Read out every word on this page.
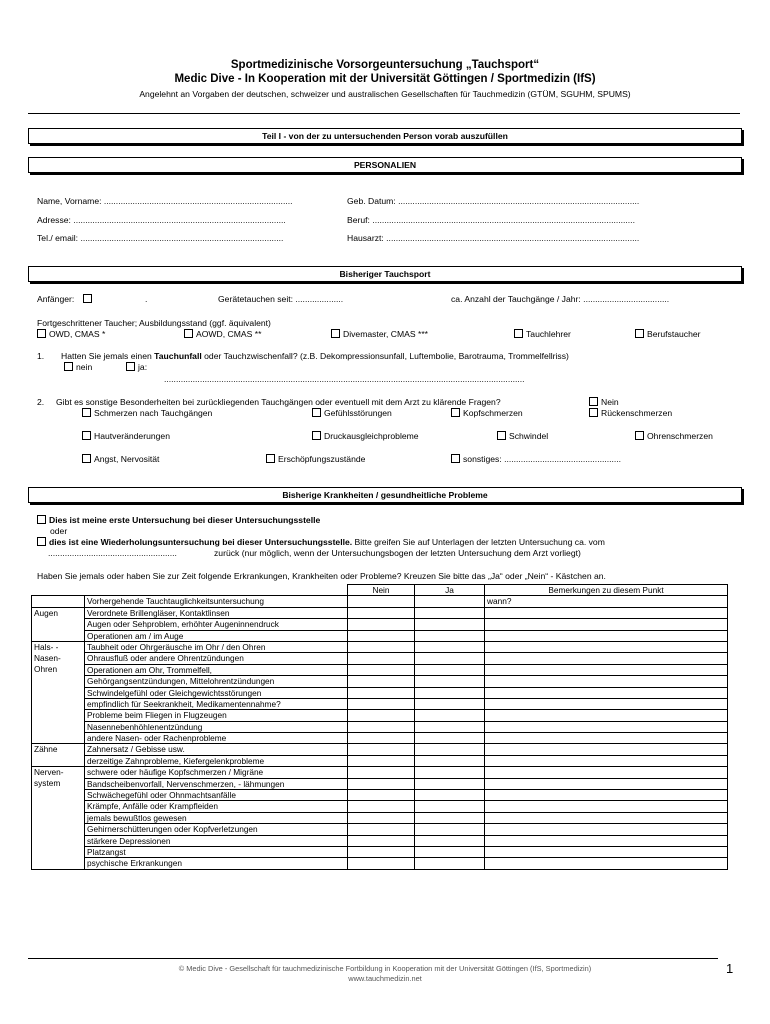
Sportmedizinische Vorsorgeuntersuchung „Tauchsport“
Medic Dive - In Kooperation mit der Universität Göttingen / Sportmedizin (IfS)
Angelehnt an Vorgaben der deutschen, schweizer und australischen Gesellschaften für Tauchmedizin (GTÜM, SGUHM, SPUMS)
Teil I - von der zu untersuchenden Person vorab auszufüllen
PERSONALIEN
Name, Vorname: ...............................................................................	Geb. Datum: .....................................................................................................
Adresse: .........................................................................................	Beruf: ..............................................................................................................
Tel./ email: .....................................................................................	Hausarzt: ..........................................................................................................
Bisheriger Tauchsport
Anfänger:	.	Gerätetauchen seit: ....................	ca. Anzahl der Tauchgänge / Jahr: ....................................
Fortgeschrittener Taucher; Ausbildungsstand (ggf. äquivalent)
OWD, CMAS *	AOWD, CMAS **	Divemaster, CMAS ***	Tauchlehrer	Berufstaucher
1. Hatten Sie jemals einen Tauchunfall oder Tauchzwischenfall? (z.B. Dekompressionsunfall, Luftembolie, Barotrauma, Trommelfellriss)
nein	ja:
.......................................................................................................................................................
2. Gibt es sonstige Besonderheiten bei zurückliegenden Tauchgängen oder eventuell mit dem Arzt zu klärende Fragen?	Nein
Schmerzen nach Tauchgängen	Gefühlsstörungen	Kopfschmerzen	Rückenschmerzen
Hautveränderungen	Druckausgleichprobleme	Schwindel	Ohrenschmerzen
Angst, Nervosität	Erschöpfungszustände	sonstiges: .................................................
Bisherige Krankheiten / gesundheitliche Probleme
Dies ist meine erste Untersuchung bei dieser Untersuchungsstelle
oder
dies ist eine Wiederholungsuntersuchung bei dieser Untersuchungsstelle. Bitte greifen Sie auf Unterlagen der letzten Untersuchung ca. vom
......................................................	zurück (nur möglich, wenn der Untersuchungsbogen der letzten Untersuchung dem Arzt vorliegt)
Haben Sie jemals oder haben Sie zur Zeit folgende Erkrankungen, Krankheiten oder Probleme? Kreuzen Sie bitte das „Ja“ oder „Nein“ - Kästchen an.
		Nein	Ja	Bemerkungen zu diesem Punkt
	Vorhergehende Tauchtauglichkeitsuntersuchung			wann?
Augen	Verordnete Brillengläser, Kontaktlinsen			
	Augen oder Sehproblem, erhöhter Augeninnendruck			
	Operationen am / im Auge			

Hals- -
Nasen-
Ohren	Taubheit oder Ohrgeräusche im Ohr / den Ohren			
	Ohrausfluß oder andere Ohrentzündungen			
	Operationen am Ohr, Trommelfell,			
	Gehörgangsentzündungen, Mittelohrentzündungen			
	Schwindelgefühl oder Gleichgewichtsstörungen			
	empfindlich für Seekrankheit, Medikamentennahme?			
	Probleme beim Fliegen in Flugzeugen			
	Nasennebenhöhlenentzündung			
	andere Nasen- oder Rachenprobleme			
Zähne	Zahnersatz / Gebisse usw.			
	derzeitige Zahnprobleme, Kiefergelenkprobleme			

Nerven-
system	schwere oder häufige Kopfschmerzen / Migräne			
	Bandscheibenvorfall, Nervenschmerzen, - lähmungen			
	Schwächegefühl oder Ohnmachtsanfälle			
	Krämpfe, Anfälle oder Krampfleiden			
	jemals bewußtlos gewesen			
	Gehirnerschütterungen oder Kopfverletzungen			
	stärkere Depressionen			
	Platzangst			
	psychische Erkrankungen			
© Medic Dive - Gesellschaft für tauchmedizinische Fortbildung in Kooperation mit der Universität Göttingen (IfS, Sportmedizin)
www.tauchmedizin.net
1
